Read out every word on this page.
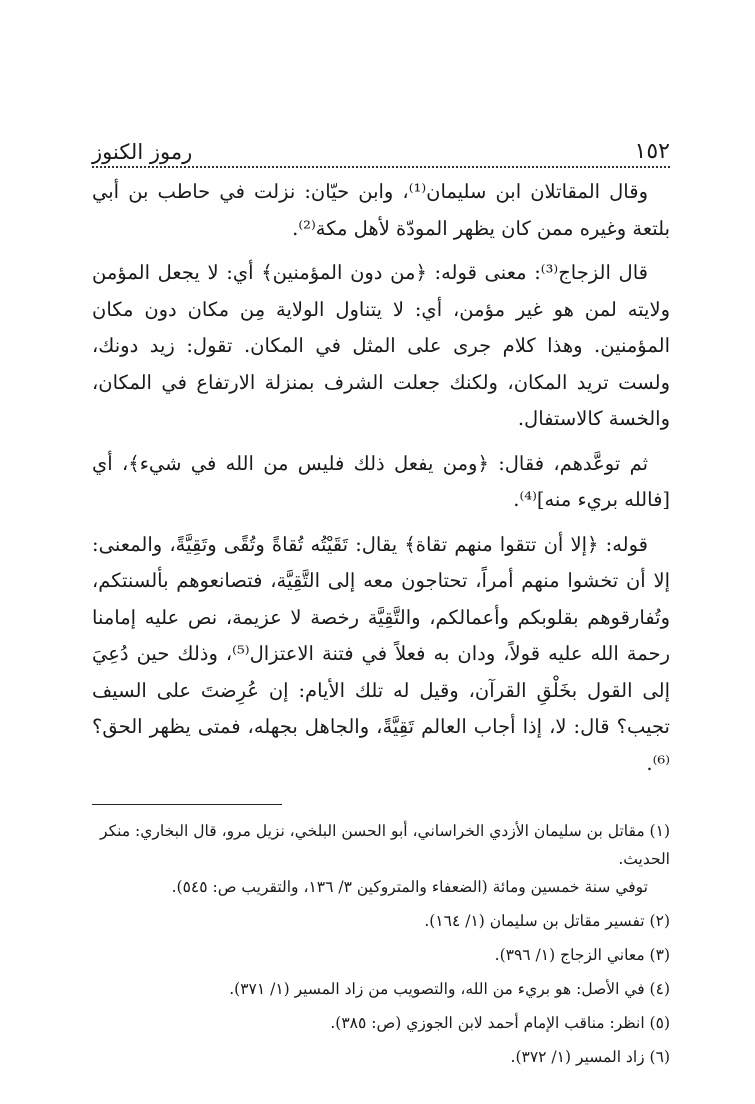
١٥٢
رموز الكنوز

وقال المقاتلان ابن سليمان⁽¹⁾، وابن حيّان: نزلت في حاطب بن أبي بلتعة وغيره ممن كان يظهر المودّة لأهل مكة⁽²⁾.

قال الزجاج⁽³⁾: معنى قوله: ﴿من دون المؤمنين﴾ أي: لا يجعل المؤمن ولايته لمن هو غير مؤمن، أي: لا يتناول الولاية مِن مكان دون مكان المؤمنين. وهذا كلام جرى على المثل في المكان. تقول: زيد دونك، ولست تريد المكان، ولكنك جعلت الشرف بمنزلة الارتفاع في المكان، والخسة كالاستفال.

ثم توعَّدهم، فقال: ﴿ومن يفعل ذلك فليس من الله في شيء﴾، أي [فالله بريء منه]⁽⁴⁾.

قوله: ﴿إلا أن تتقوا منهم تقاة﴾ يقال: تَقَيْتُه تُقاةً وتُقًى وتَقِيَّةً، والمعنى: إلا أن تخشوا منهم أمراً، تحتاجون معه إلى التَّقِيَّة، فتصانعوهم بألسنتكم، وتُفارقوهم بقلوبكم وأعمالكم، والتَّقِيَّة رخصة لا عزيمة، نص عليه إمامنا رحمة الله عليه قولاً، ودان به فعلاً في فتنة الاعتزال⁽⁵⁾، وذلك حين دُعِيَ إلى القول بخَلْقِ القرآن، وقيل له تلك الأيام: إن عُرِضتَ على السيف تجيب؟ قال: لا، إذا أجاب العالم تَقِيَّةً، والجاهل بجهله، فمتى يظهر الحق؟⁽⁶⁾.

(١) مقاتل بن سليمان الأزدي الخراساني، أبو الحسن البلخي، نزيل مرو، قال البخاري: منكر الحديث.
توفي سنة خمسين ومائة (الضعفاء والمتروكين ٣/ ١٣٦، والتقريب ص: ٥٤٥).
(٢) تفسير مقاتل بن سليمان (١/ ١٦٤).
(٣) معاني الزجاج (١/ ٣٩٦).
(٤) في الأصل: هو بريء من الله، والتصويب من زاد المسير (١/ ٣٧١).
(٥) انظر: مناقب الإمام أحمد لابن الجوزي (ص: ٣٨٥).
(٦) زاد المسير (١/ ٣٧٢).
